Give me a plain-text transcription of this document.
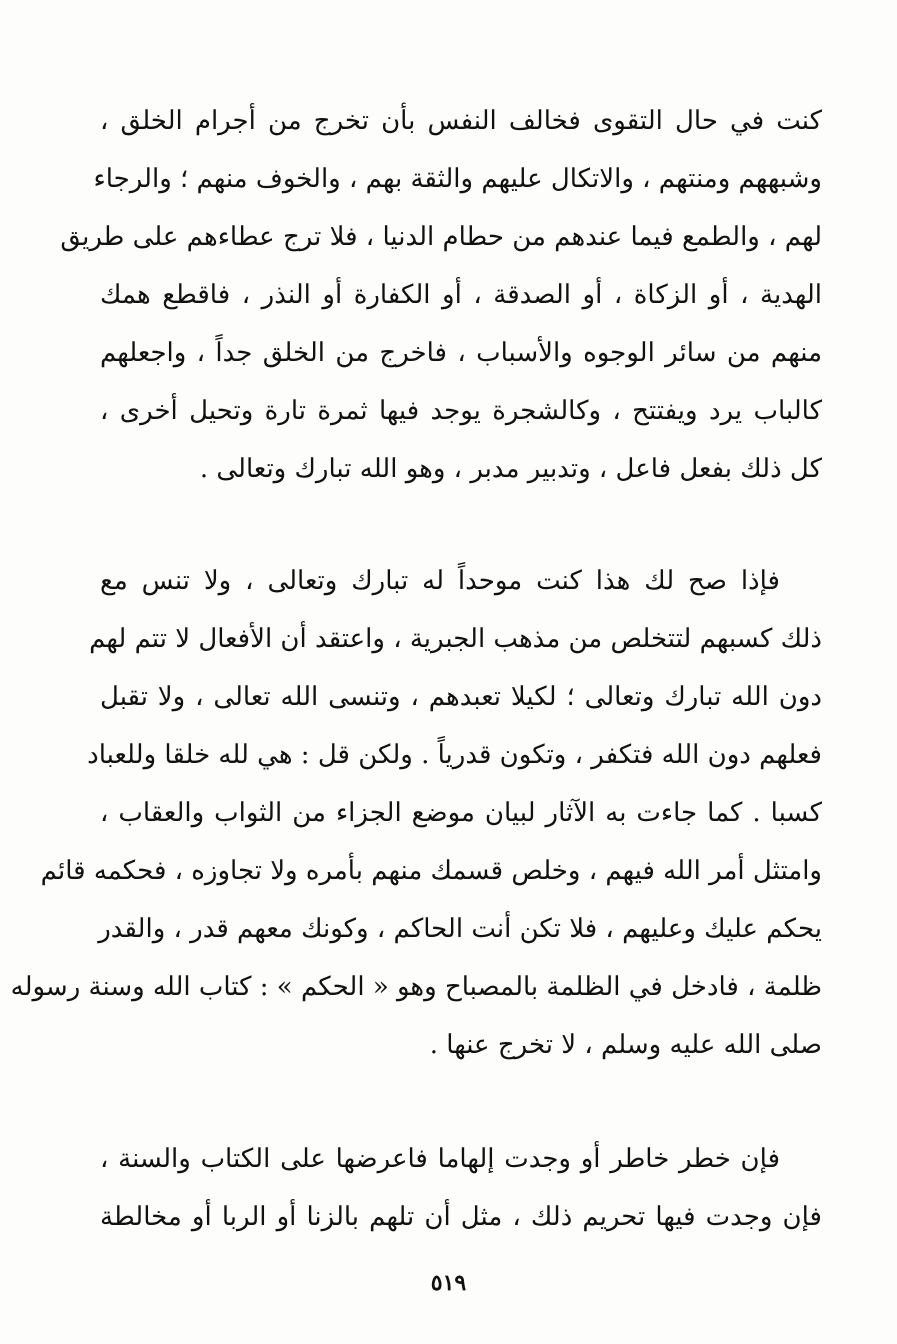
كنت في حال التقوى فخالف النفس بأن تخرج من أجرام الخلق ،
وشبههم ومنتهم ، والاتكال عليهم والثقة بهم ، والخوف منهم ؛ والرجاء
لهم ، والطمع فيما عندهم من حطام الدنيا ، فلا ترج عطاءهم على طريق
الهدية ، أو الزكاة ، أو الصدقة ، أو الكفارة أو النذر ، فاقطع همك
منهم من سائر الوجوه والأسباب ، فاخرج من الخلق جداً ، واجعلهم
كالباب يرد ويفتتح ، وكالشجرة يوجد فيها ثمرة تارة وتحيل أخرى ،
كل ذلك بفعل فاعل ، وتدبير مدبر ، وهو الله تبارك وتعالى .
فإذا صح لك هذا كنت موحداً له تبارك وتعالى ، ولا تنس مع
ذلك كسبهم لتتخلص من مذهب الجبرية ، واعتقد أن الأفعال لا تتم لهم
دون الله تبارك وتعالى ؛ لكيلا تعبدهم ، وتنسى الله تعالى ، ولا تقبل
فعلهم دون الله فتكفر ، وتكون قدرياً . ولكن قل : هي لله خلقا وللعباد
كسبا . كما جاءت به الآثار لبيان موضع الجزاء من الثواب والعقاب ،
وامتثل أمر الله فيهم ، وخلص قسمك منهم بأمره ولا تجاوزه ، فحكمه قائم
يحكم عليك وعليهم ، فلا تكن أنت الحاكم ، وكونك معهم قدر ، والقدر
ظلمة ، فادخل في الظلمة بالمصباح وهو « الحكم » : كتاب الله وسنة رسوله
صلى الله عليه وسلم ، لا تخرج عنها .
فإن خطر خاطر أو وجدت إلهاما فاعرضها على الكتاب والسنة ،
فإن وجدت فيها تحريم ذلك ، مثل أن تلهم بالزنا أو الربا أو مخالطة
٥١٩
